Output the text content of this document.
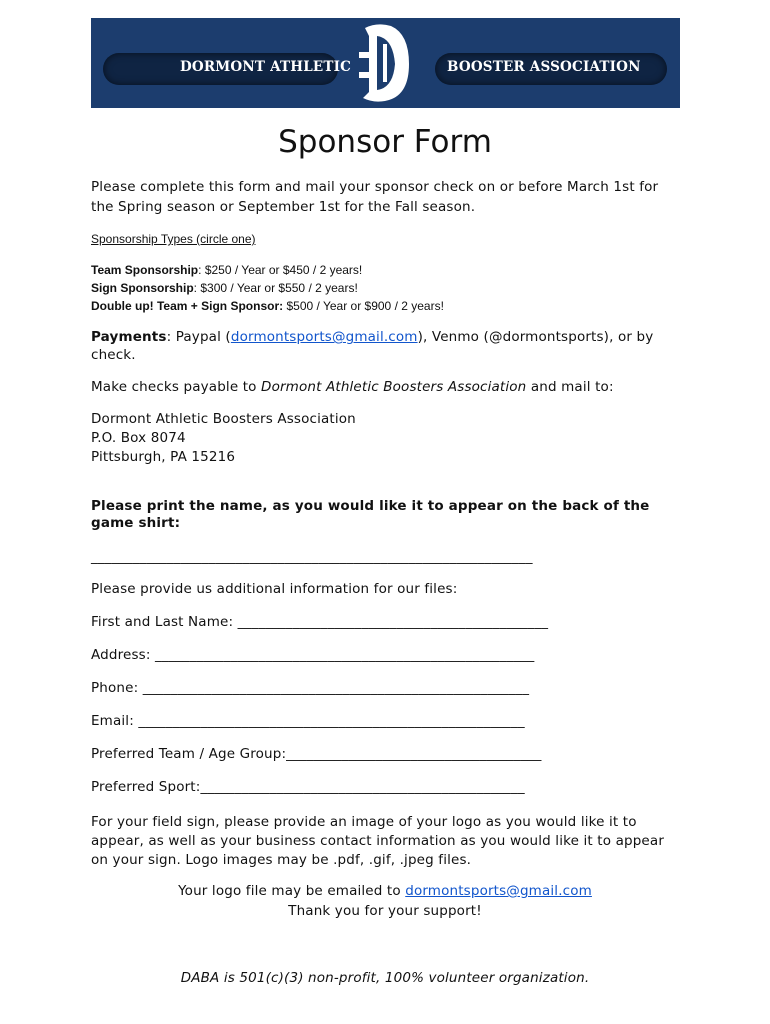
DORMONT ATHLETIC	BOOSTER ASSOCIATION
Sponsor Form
Please complete this form and mail your sponsor check on or before March 1st for
the Spring season or September 1st for the Fall season.
Sponsorship Types (circle one)
Team Sponsorship: $250 / Year or $450 / 2 years!
Sign Sponsorship: $300 / Year or $550 / 2 years!
Double up! Team + Sign Sponsor: $500 / Year or $900 / 2 years!
Payments: Paypal (dormontsports@gmail.com), Venmo (@dormontsports), or by
check.
Make checks payable to Dormont Athletic Boosters Association and mail to:
Dormont Athletic Boosters Association
P.O. Box 8074
Pittsburgh, PA 15216
Please print the name, as you would like it to appear on the back of the
game shirt:
________________________________________________________________
Please provide us additional information for our files:
First and Last Name: _____________________________________________
Address: _______________________________________________________
Phone: ________________________________________________________
Email: ________________________________________________________
Preferred Team / Age Group:_____________________________________
Preferred Sport:_______________________________________________
For your field sign, please provide an image of your logo as you would like it to
appear, as well as your business contact information as you would like it to appear
on your sign. Logo images may be .pdf, .gif, .jpeg files.
Your logo file may be emailed to dormontsports@gmail.com
Thank you for your support!
DABA is 501(c)(3) non-profit, 100% volunteer organization.
